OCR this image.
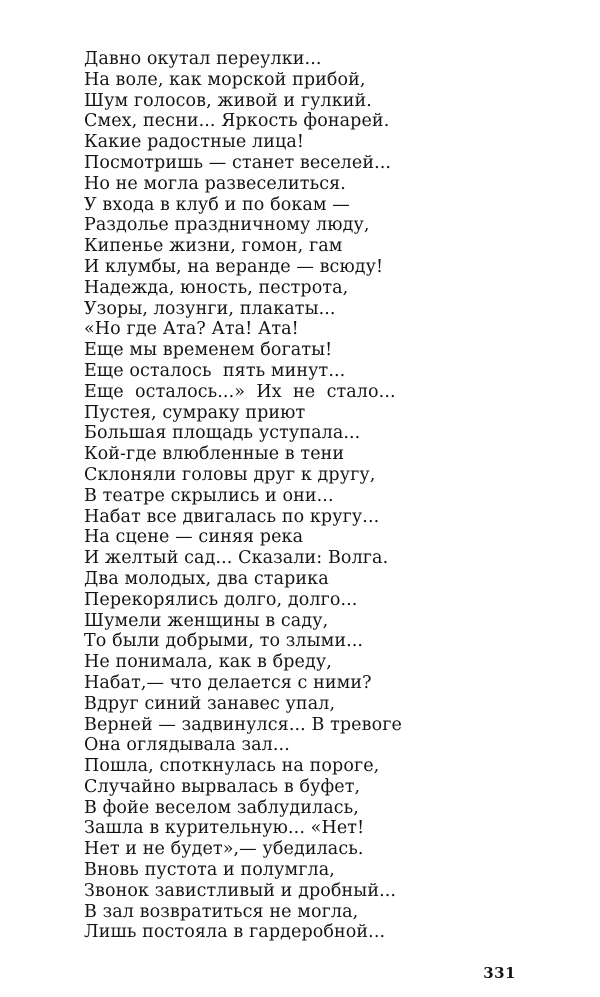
Давно окутал переулки...
На воле, как морской прибой,
Шум голосов, живой и гулкий.
Смех, песни... Яркость фонарей.
Какие радостные лица!
Посмотришь — станет веселей...
Но не могла развеселиться.
У входа в клуб и по бокам —
Раздолье праздничному люду,
Кипенье жизни, гомон, гам
И клумбы, на веранде — всюду!
Надежда, юность, пестрота,
Узоры, лозунги, плакаты...
«Но где Ата? Ата! Ата!
Еще мы временем богаты!
Еще осталось  пять минут...
Еще  осталось...»  Их  не  стало...
Пустея, сумраку приют
Большая площадь уступала...
Кой-где влюбленные в тени
Склоняли головы друг к другу,
В театре скрылись и они...
Набат все двигалась по кругу...
На сцене — синяя река
И желтый сад... Сказали: Волга.
Два молодых, два старика
Перекорялись долго, долго...
Шумели женщины в саду,
То были добрыми, то злыми...
Не понимала, как в бреду,
Набат,— что делается с ними?
Вдруг синий занавес упал,
Верней — задвинулся... В тревоге
Она оглядывала зал...
Пошла, споткнулась на пороге,
Случайно вырвалась в буфет,
В фойе веселом заблудилась,
Зашла в курительную... «Нет!
Нет и не будет»,— убедилась.
Вновь пустота и полумгла,
Звонок завистливый и дробный...
В зал возвратиться не могла,
Лишь постояла в гардеробной...
331
